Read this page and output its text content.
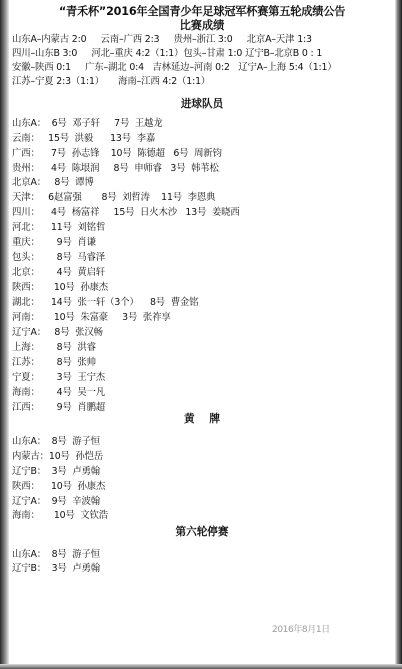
“青禾杯”2016年全国青少年足球冠军杯赛第五轮成绩公告
比赛成绩
山东A–内蒙古 2:0     云南–广西 2:3     贵州–浙江 3:0     北京A–天津 1:3
四川–山东B 3:0     河北–重庆 4:2（1:1）包头–甘肃 1:0 辽宁B–北京B 0 : 1
安徽–陕西 0:1     广东–湖北 0:4   吉林延边–河南 0:2   辽宁A–上海 5:4（1:1）
江苏–宁夏 2:3（1:1）     海南–江西 4:2（1:1）
进球队员
山东A：  6号  邓子轩     7号  王越龙
云南：   15号  洪毅      13号  李嘉
广西：    7号  孙志锋    10号  陈德超   6号  周新钧
贵州：    4号  陈垠润     8号  申师睿   3号  韩苇松
北京A：   8号  谭博
天津：   6赵富强       8号  刘哲涛    11号  李恩典
四川：    4号  杨富祥     15号  日火木沙   13号  姜晓西
河北：    11号  刘铭哲
重庆：      9号  肖谦
包头：      8号  马睿泽
北京：      4号  黄启轩
陕西：     10号  孙康杰
湖北：    14号  张一轩（3个）    8号  曹金铭
河南：     10号  朱富豪     3号  张祚享
辽宁A：   8号  张汉畅
上海：      8号  洪睿
江苏：      8号  张帅
宁夏：      3号  王宁杰
海南：      4号  吴一凡
江西：      9号  肖鹏超
黄    牌
山东A：  8号  游子恒
内蒙古：10号  孙恺岳
辽宁B：  3号  卢勇翰
陕西：    10号  孙康杰
辽宁A：  9号  辛波翰
海南：     10号  文钦浩
第六轮停赛
山东A：  8号  游子恒
辽宁B：  3号  卢勇翰
2016年8月1日
